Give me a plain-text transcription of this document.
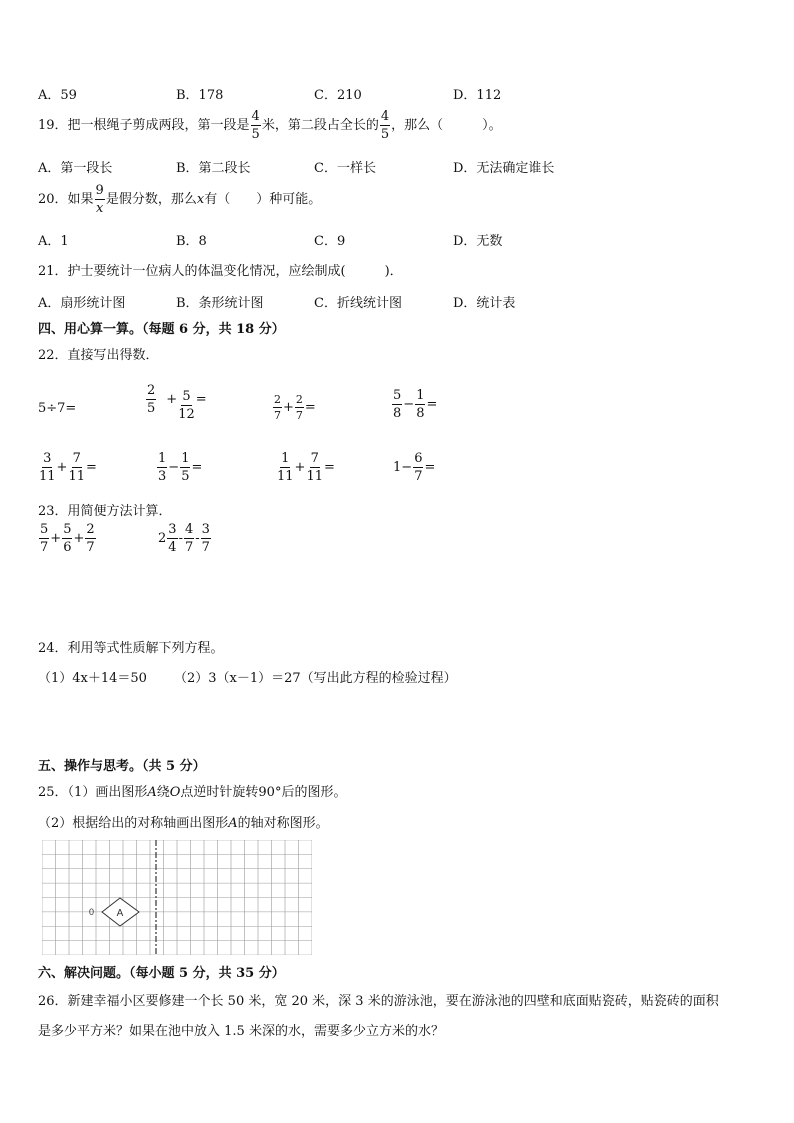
A．59	B．178	C．210	D．112
19．把一根绳子剪成两段，第一段是 $\frac{4}{5}$ 米，第二段占全长的 $\frac{4}{5}$ ，那么（　　　）。
A．第一段长	B．第二段长	C．一样长	D．无法确定谁长
20．如果 $\frac{9}{x}$ 是假分数，那么x有（　　）种可能。
A．1	B．8	C．9	D．无数
21．护士要统计一位病人的体温变化情况，应绘制成(　　　)．
A．扇形统计图	B．条形统计图	C．折线统计图	D．统计表
四、用心算一算。（每题 6 分，共 18 分）
22．直接写出得数．
5÷7=	$\frac{2}{5} + \frac{5}{12}$ =	$\frac{2}{7} + \frac{2}{7}$ =	$\frac{5}{8} - \frac{1}{8}$ =
$\frac{3}{11} + \frac{7}{11}$ =	$\frac{1}{3} - \frac{1}{5}$ =	$\frac{1}{11} + \frac{7}{11}$ =	$1- \frac{6}{7}$ =
23．用简便方法计算．
$\frac{5}{7} + \frac{5}{6} + \frac{2}{7}$	$2 \frac{3}{4} - \frac{4}{7} - \frac{3}{7}$
24．利用等式性质解下列方程。
（1）4x＋14＝50 （2）3（x－1）＝27（写出此方程的检验过程）
五、操作与思考。（共 5 分）
25．（1）画出图形A绕O点逆时针旋转90°后的图形。
（2）根据给出的对称轴画出图形A的轴对称图形。
A
0
六、解决问题。（每小题 5 分，共 35 分）
26．新建幸福小区要修建一个长 50 米，宽 20 米，深 3 米的游泳池，要在游泳池的四壁和底面贴瓷砖，贴瓷砖的面积
是多少平方米？如果在池中放入 1.5 米深的水，需要多少立方米的水？
